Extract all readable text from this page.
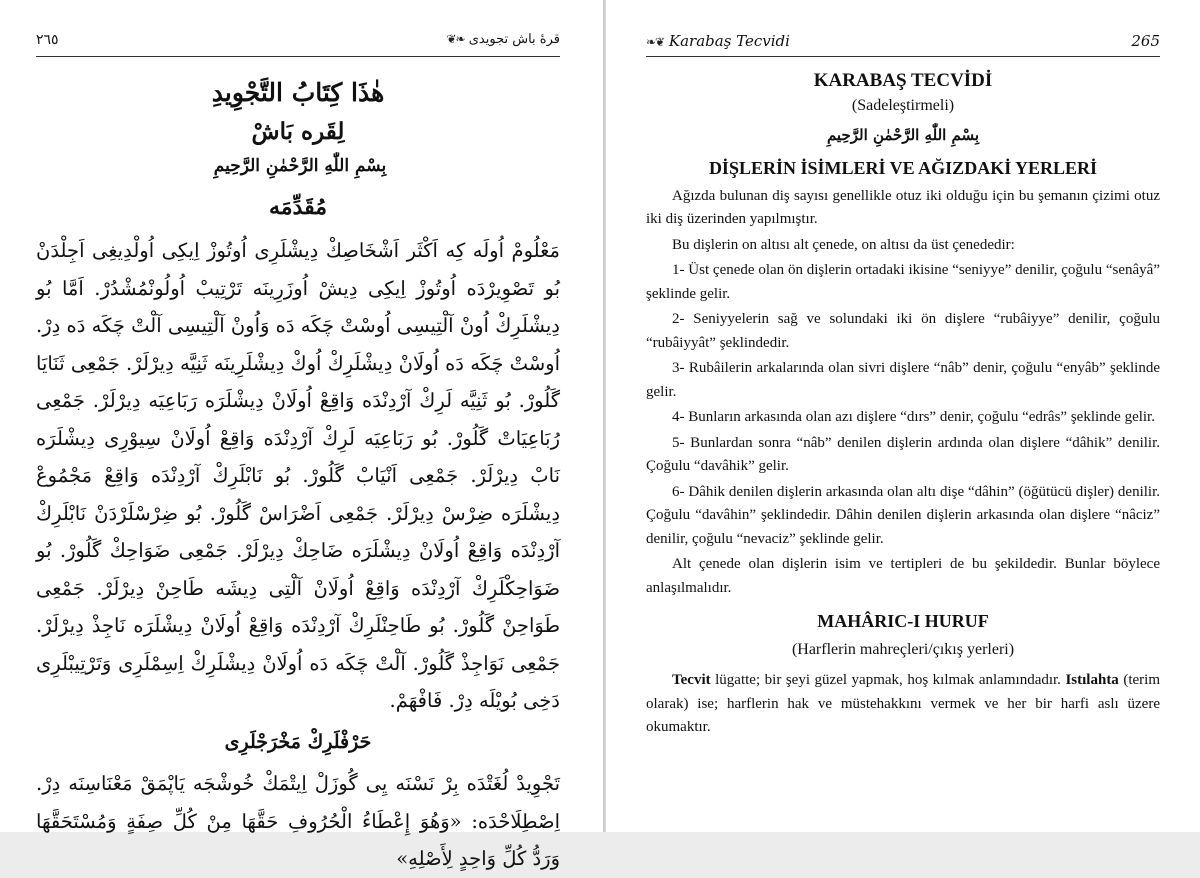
٢٦٥	قرهٔ باش تجویدی ❧❦
هٰذَا كِتَابُ التَّجْوِيدِ
لِقَره بَاشْ
بِسْمِ اللّٰهِ الرَّحْمٰنِ الرَّحِيمِ
مُقَدِّمَه

مَعْلُومْ اُولَه كِه اَكْثَر اَشْخَاصِكْ دِيشْلَرِى اُوتُوزْ اِيكِى اُولْدِيغِى اَجِلْدَنْ بُو تَصْوِيرْدَه اُوتُوزْ اِيكِى دِيشْ اُوزَرِينَه تَرْتِيبْ اُولُونْمُشْدُرْ. اَمَّا بُو دِيشْلَرِكْ اُونْ آلْتِيسِى اُوسْتْ چَكَه دَه وَاُونْ آلْتِيسِى آلْتْ چَكَه دَه دِرْ. اُوسْتْ چَكَه دَه اُولَانْ دِيشْلَرِكْ اُوكْ دِيشْلَرِينَه ثَنِيَّه دِيرْلَرْ. جَمْعِى ثَنَايَا گَلُورْ. بُو ثَنِيَّه لَرِكْ آرْدِنْدَه وَاقِعْ اُولَانْ دِيشْلَرَه رَبَاعِيَه دِيرْلَرْ. جَمْعِى رُبَاعِيَاتْ گَلُورْ. بُو رَبَاعِيَه لَرِكْ آرْدِنْدَه وَاقِعْ اُولَانْ سِيوْرِى دِيشْلَرَه نَابْ دِيرْلَرْ. جَمْعِى اَنْيَابْ گَلُورْ. بُو نَابْلَرِكْ آرْدِنْدَه وَاقِعْ مَجْمُوعْ دِيشْلَرَه ضِرْسْ دِيرْلَرْ. جَمْعِى اَضْرَاسْ گَلُورْ. بُو ضِرْسْلَرْدَنْ نَابْلَرِكْ آرْدِنْدَه وَاقِعْ اُولَانْ دِيشْلَرَه ضَاحِكْ دِيرْلَرْ. جَمْعِى ضَوَاحِكْ گَلُورْ. بُو ضَوَاحِكْلَرِكْ آرْدِنْدَه وَاقِعْ اُولَانْ آلْتِى دِيشَه طَاحِنْ دِيرْلَرْ. جَمْعِى طَوَاحِنْ گَلُورْ. بُو طَاحِنْلَرِكْ آرْدِنْدَه وَاقِعْ اُولَانْ دِيشْلَرَه نَاجِذْ دِيرْلَرْ. جَمْعِى نَوَاجِذْ گَلُورْ. آلْتْ چَكَه دَه اُولَانْ دِيشْلَرِكْ اِسِمْلَرِى وَتَرْتِيبْلَرِى دَخِى بُويْلَه دِرْ. فَافْهَمْ.

حَرْفْلَرِكْ مَخْرَجْلَرِى

تَجْوِيدْ لُغَتْدَه بِرْ نَسْنَه يِى گُوزَلْ اِيتْمَكْ خُوشْجَه يَاپْمَقْ مَعْنَاسِنَه دِرْ. اِصْطِلَاحْدَه: «وَهُوَ إِعْطَاءُ الْحُرُوفِ حَقَّهَا مِنْ كُلِّ صِفَةٍ وَمُسْتَحَقَّهَا وَرَدُّ كُلِّ وَاحِدٍ لِأَصْلِهِ»

❧❦ Karabaş Tecvidi	265
KARABAŞ TECVİDİ
(Sadeleştirmeli)
بِسْمِ اللّٰهِ الرَّحْمٰنِ الرَّحِيمِ
DİŞLERİN İSİMLERİ VE AĞIZDAKİ YERLERİ

Ağızda bulunan diş sayısı genellikle otuz iki olduğu için bu şemanın çizimi otuz iki diş üzerinden yapılmıştır.

Bu dişlerin on altısı alt çenede, on altısı da üst çenededir:

1- Üst çenede olan ön dişlerin ortadaki ikisine “seniyye” denilir, çoğulu “senâyâ” şeklinde gelir.

2- Seniyyelerin sağ ve solundaki iki ön dişlere “rubâiyye” denilir, çoğulu “rubâiyyât” şeklindedir.

3- Rubâilerin arkalarında olan sivri dişlere “nâb” denir, çoğulu “enyâb” şeklinde gelir.

4- Bunların arkasında olan azı dişlere “dırs” denir, çoğulu “edrâs” şeklinde gelir.

5- Bunlardan sonra “nâb” denilen dişlerin ardında olan dişlere “dâhik” denilir. Çoğulu “davâhik” gelir.

6- Dâhik denilen dişlerin arkasında olan altı dişe “dâhin” (öğütücü dişler) denilir. Çoğulu “davâhin” şeklindedir. Dâhin denilen dişlerin arkasında olan dişlere “nâciz” denilir, çoğulu “nevaciz” şeklinde gelir.

Alt çenede olan dişlerin isim ve tertipleri de bu şekildedir. Bunlar böylece anlaşılmalıdır.

MAHÂRIC-I HURUF
(Harflerin mahreçleri/çıkış yerleri)

Tecvit lügatte; bir şeyi güzel yapmak, hoş kılmak anlamındadır. Istılahta (terim olarak) ise; harflerin hak ve müstehakkını vermek ve her bir harfi aslı üzere okumaktır.
